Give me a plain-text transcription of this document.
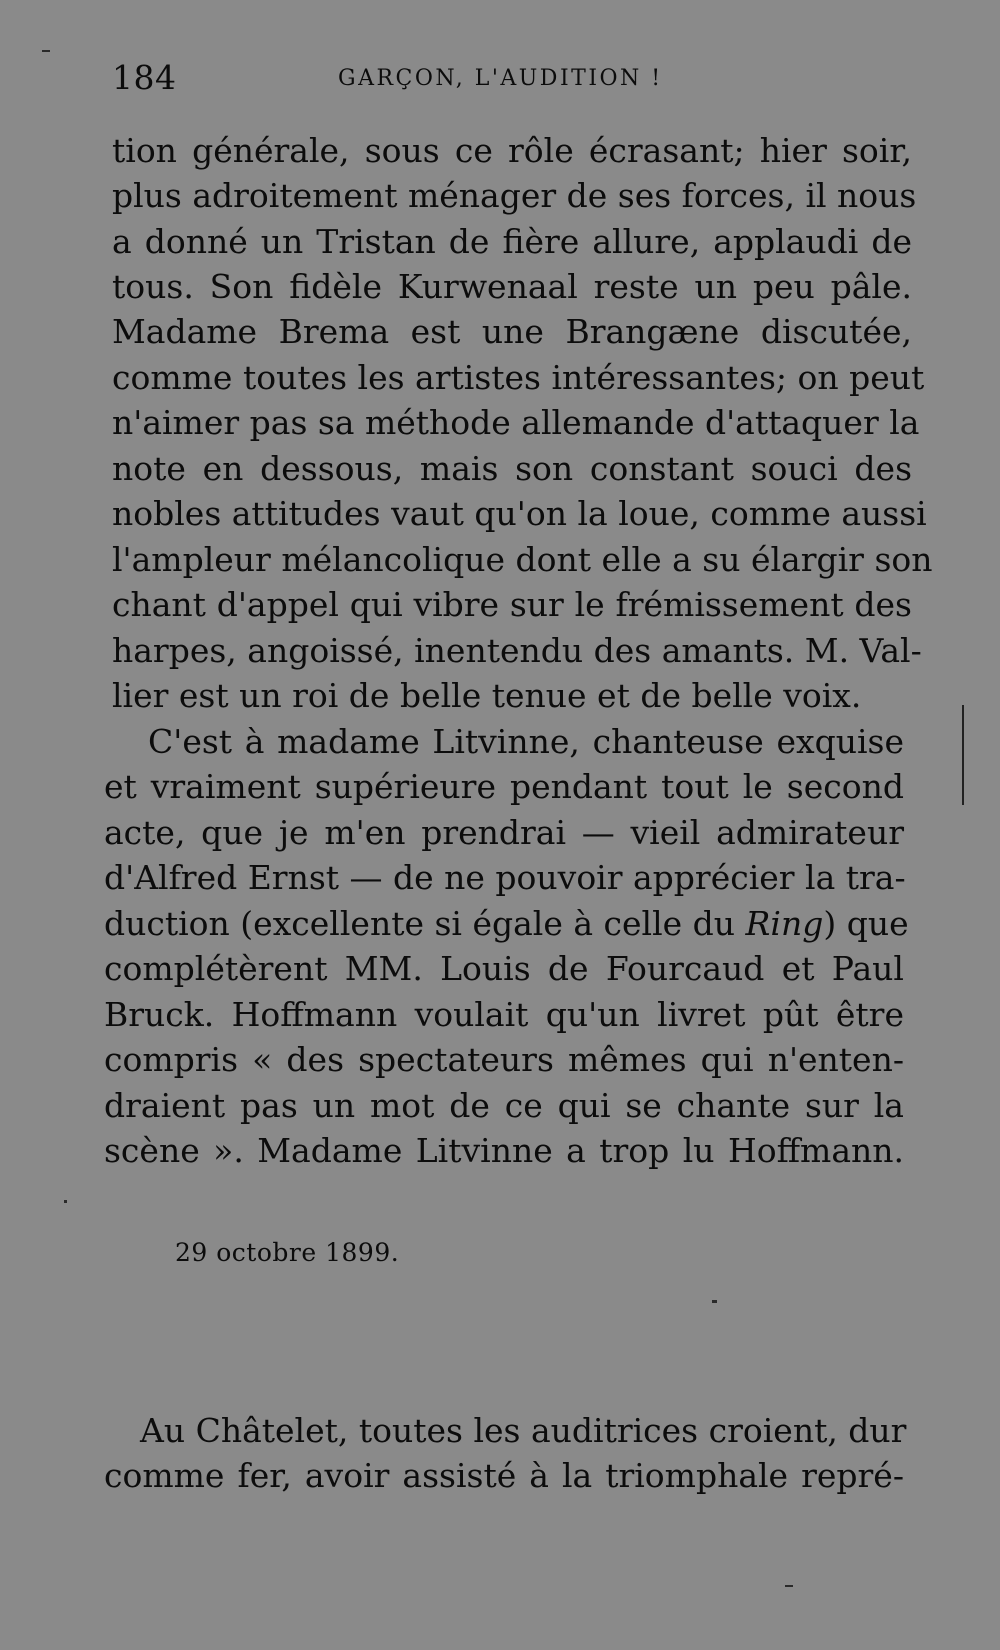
184	GARÇON, L'AUDITION !
tion générale, sous ce rôle écrasant; hier soir,
plus adroitement ménager de ses forces, il nous
a donné un Tristan de fière allure, applaudi de
tous. Son fidèle Kurwenaal reste un peu pâle.
Madame Brema est une Brangæne discutée,
comme toutes les artistes intéressantes; on peut
n'aimer pas sa méthode allemande d'attaquer la
note en dessous, mais son constant souci des
nobles attitudes vaut qu'on la loue, comme aussi
l'ampleur mélancolique dont elle a su élargir son
chant d'appel qui vibre sur le frémissement des
harpes, angoissé, inentendu des amants. M. Val-
lier est un roi de belle tenue et de belle voix.
C'est à madame Litvinne, chanteuse exquise
et vraiment supérieure pendant tout le second
acte, que je m'en prendrai — vieil admirateur
d'Alfred Ernst — de ne pouvoir apprécier la tra-
duction (excellente si égale à celle du Ring) que
complétèrent MM. Louis de Fourcaud et Paul
Bruck. Hoffmann voulait qu'un livret pût être
compris « des spectateurs mêmes qui n'enten-
draient pas un mot de ce qui se chante sur la
scène ». Madame Litvinne a trop lu Hoffmann.
29 octobre 1899.
Au Châtelet, toutes les auditrices croient, dur
comme fer, avoir assisté à la triomphale repré-
